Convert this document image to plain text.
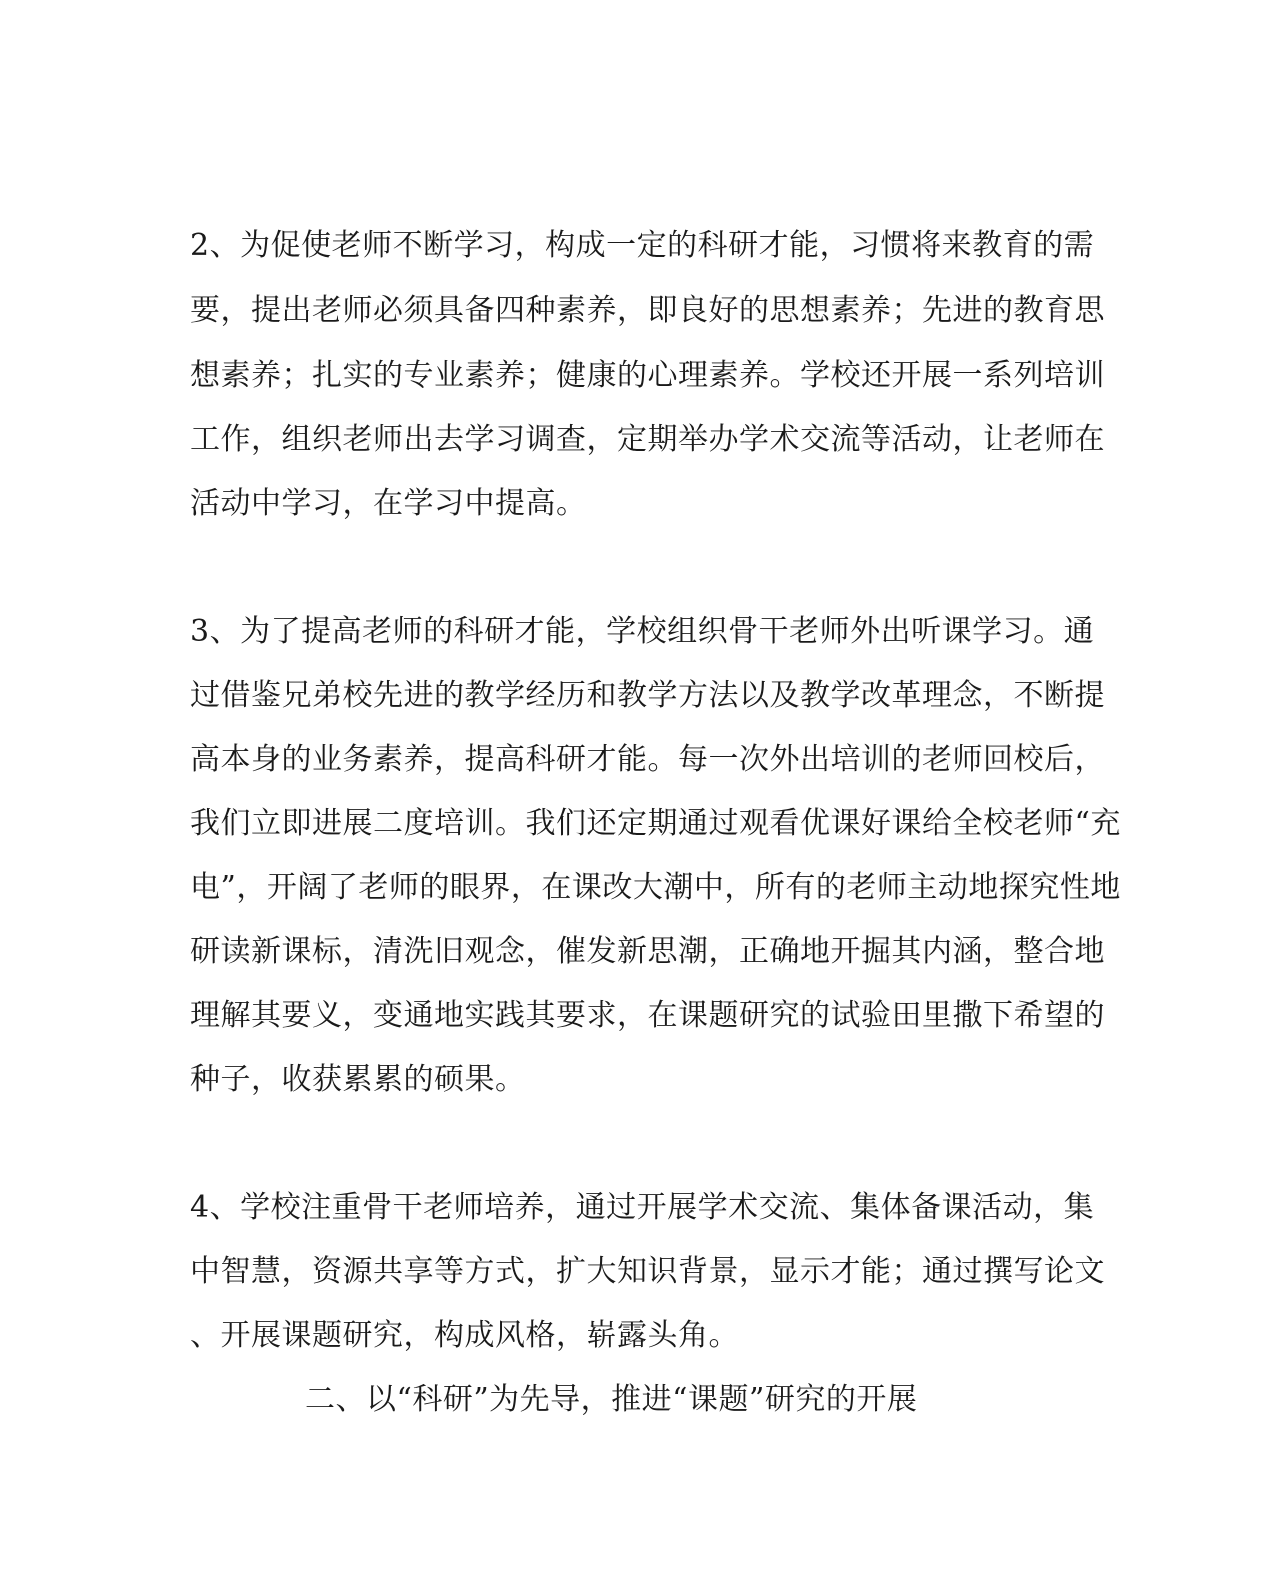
2、为促使老师不断学习，构成一定的科研才能，习惯将来教育的需
要，提出老师必须具备四种素养，即良好的思想素养；先进的教育思
想素养；扎实的专业素养；健康的心理素养。学校还开展一系列培训
工作，组织老师出去学习调查，定期举办学术交流等活动，让老师在
活动中学习，在学习中提高。
3、为了提高老师的科研才能，学校组织骨干老师外出听课学习。通
过借鉴兄弟校先进的教学经历和教学方法以及教学改革理念，不断提
高本身的业务素养，提高科研才能。每一次外出培训的老师回校后，
我们立即进展二度培训。我们还定期通过观看优课好课给全校老师“充
电”，开阔了老师的眼界，在课改大潮中，所有的老师主动地探究性地
研读新课标，清洗旧观念，催发新思潮，正确地开掘其内涵，整合地
理解其要义，变通地实践其要求，在课题研究的试验田里撒下希望的
种子，收获累累的硕果。
4、学校注重骨干老师培养，通过开展学术交流、集体备课活动，集
中智慧，资源共享等方式，扩大知识背景，显示才能；通过撰写论文
、开展课题研究，构成风格，崭露头角。
二、以“科研”为先导，推进“课题”研究的开展
